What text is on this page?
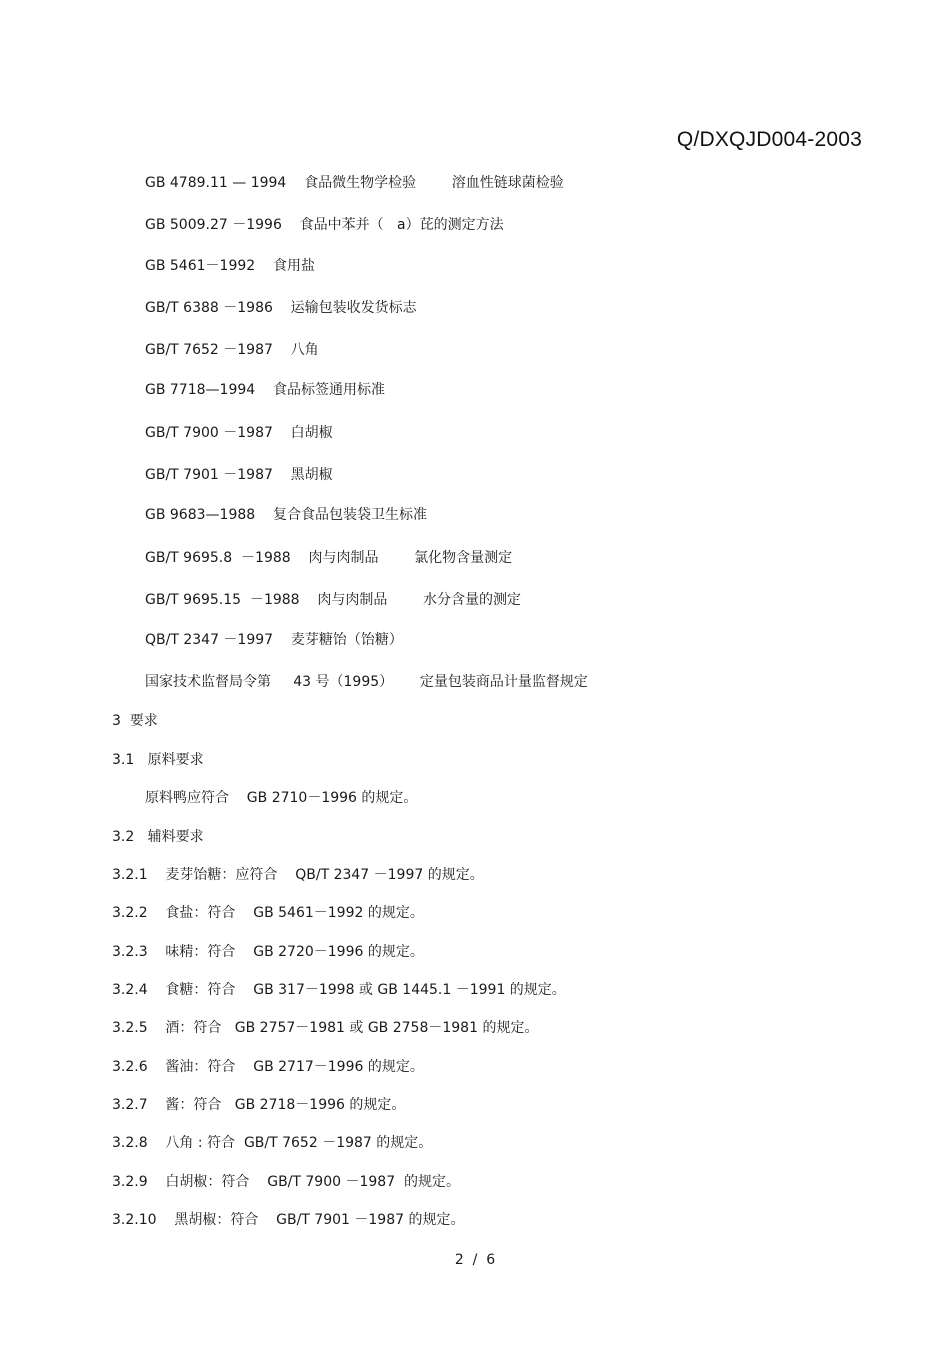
Q/DXQJD004-2003
GB 4789.11 — 1994    食品微生物学检验        溶血性链球菌检验
GB 5009.27 －1996    食品中苯并（   a）芘的测定方法
GB 5461－1992    食用盐
GB/T 6388 －1986    运输包装收发货标志
GB/T 7652 －1987    八角
GB 7718—1994    食品标签通用标准
GB/T 7900 －1987    白胡椒
GB/T 7901 －1987    黑胡椒
GB 9683—1988    复合食品包装袋卫生标准
GB/T 9695.8  －1988    肉与肉制品        氯化物含量测定
GB/T 9695.15  －1988    肉与肉制品        水分含量的测定
QB/T 2347 －1997    麦芽糖饴（饴糖）
国家技术监督局令第     43 号（1995）      定量包装商品计量监督规定
3  要求
3.1   原料要求
原料鸭应符合    GB 2710－1996 的规定。
3.2   辅料要求
3.2.1    麦芽饴糖：应符合    QB/T 2347 －1997 的规定。
3.2.2    食盐：符合    GB 5461－1992 的规定。
3.2.3    味精：符合    GB 2720－1996 的规定。
3.2.4    食糖：符合    GB 317－1998 或 GB 1445.1 －1991 的规定。
3.2.5    酒：符合   GB 2757－1981 或 GB 2758－1981 的规定。
3.2.6    酱油：符合    GB 2717－1996 的规定。
3.2.7    酱：符合   GB 2718－1996 的规定。
3.2.8    八角 : 符合  GB/T 7652 －1987 的规定。
3.2.9    白胡椒：符合    GB/T 7900 －1987  的规定。
3.2.10    黑胡椒：符合    GB/T 7901 －1987 的规定。
2  /  6
